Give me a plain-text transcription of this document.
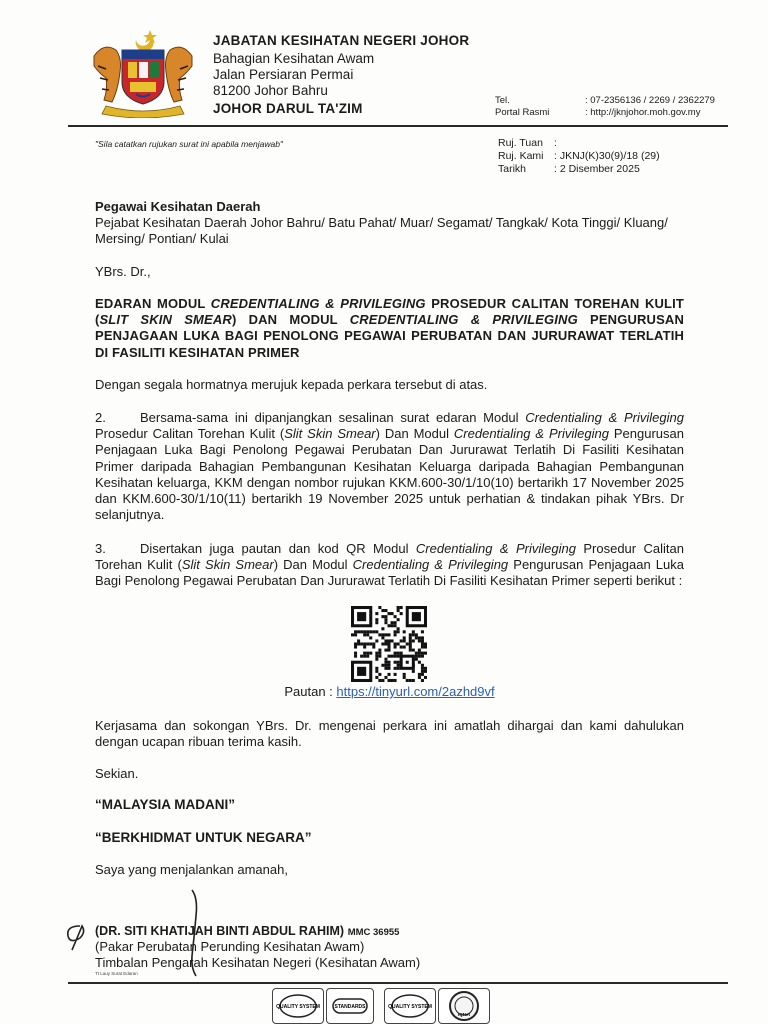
JABATAN KESIHATAN NEGERI JOHOR
Bahagian Kesihatan Awam
Jalan Persiaran Permai
81200 Johor Bahru
JOHOR DARUL TA'ZIM
Tel.	: 07-2356136 / 2269 / 2362279
Portal Rasmi	: http://jknjohor.moh.gov.my
"Sila catatkan rujukan surat ini apabila menjawab"	Ruj. Tuan :
Ruj. Kami : JKNJ(K)30(9)/18 (29)
Tarikh	: 2 Disember 2025
Pegawai Kesihatan Daerah
Pejabat Kesihatan Daerah Johor Bahru/ Batu Pahat/ Muar/ Segamat/ Tangkak/ Kota Tinggi/ Kluang/ Mersing/ Pontian/ Kulai
YBrs. Dr.,
EDARAN MODUL CREDENTIALING & PRIVILEGING PROSEDUR CALITAN TOREHAN KULIT (SLIT SKIN SMEAR) DAN MODUL CREDENTIALING & PRIVILEGING PENGURUSAN PENJAGAAN LUKA BAGI PENOLONG PEGAWAI PERUBATAN DAN JURURAWAT TERLATIH DI FASILITI KESIHATAN PRIMER
Dengan segala hormatnya merujuk kepada perkara tersebut di atas.
2.	Bersama-sama ini dipanjangkan sesalinan surat edaran Modul Credentialing & Privileging Prosedur Calitan Torehan Kulit (Slit Skin Smear) Dan Modul Credentialing & Privileging Pengurusan Penjagaan Luka Bagi Penolong Pegawai Perubatan Dan Jururawat Terlatih Di Fasiliti Kesihatan Primer daripada Bahagian Pembangunan Kesihatan Keluarga daripada Bahagian Pembangunan Kesihatan keluarga, KKM dengan nombor rujukan KKM.600-30/1/10(10) bertarikh 17 November 2025 dan KKM.600-30/1/10(11) bertarikh 19 November 2025 untuk perhatian & tindakan pihak YBrs. Dr selanjutnya.
3.	Disertakan juga pautan dan kod QR Modul Credentialing & Privileging Prosedur Calitan Torehan Kulit (Slit Skin Smear) Dan Modul Credentialing & Privileging Pengurusan Penjagaan Luka Bagi Penolong Pegawai Perubatan Dan Jururawat Terlatih Di Fasiliti Kesihatan Primer seperti berikut :
Pautan : https://tinyurl.com/2azhd9vf
Kerjasama dan sokongan YBrs. Dr. mengenai perkara ini amatlah dihargai dan kami dahulukan dengan ucapan ribuan terima kasih.
Sekian.
“MALAYSIA MADANI”
“BERKHIDMAT UNTUK NEGARA”
Saya yang menjalankan amanah,
(DR. SITI KHATIJAH BINTI ABDUL RAHIM) MMC 36955
(Pakar Perubatan Perunding Kesihatan Awam)
Timbalan Pengarah Kesihatan Negeri (Kesihatan Awam)
Tt Lauy Surat Edaran
QUALITY SYSTEM	STANDARDS	QUALITY SYSTEM
IQNet
